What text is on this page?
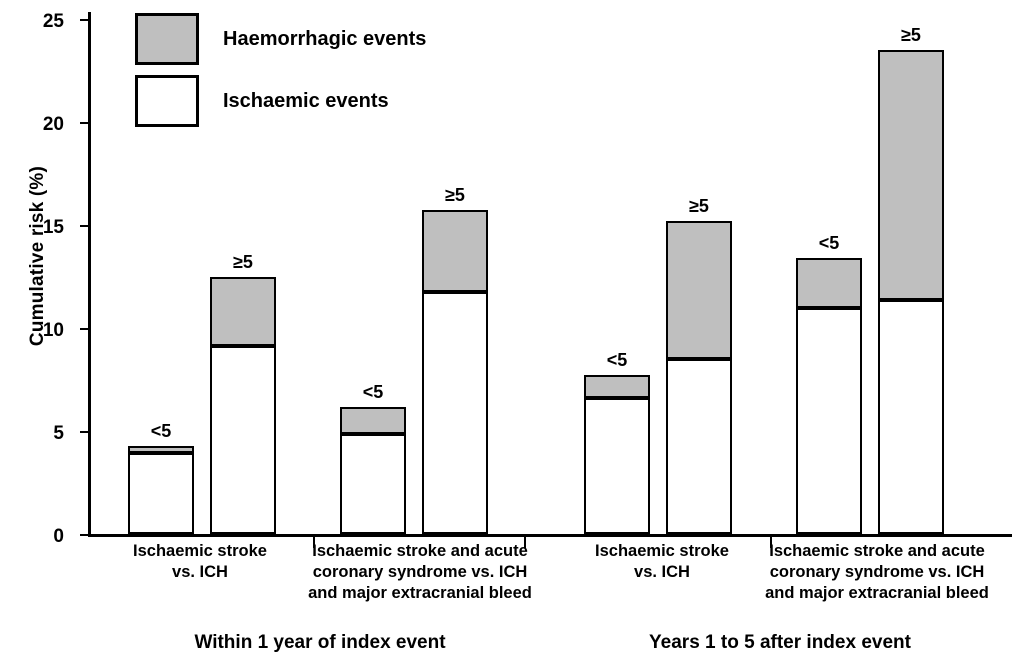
Cumulative risk (%)
0
5
10
15
20
25
Haemorrhagic events
Ischaemic events
<5
≥5
<5
≥5
<5
≥5
<5
≥5
Ischaemic stroke
vs. ICH
Ischaemic stroke and acute
coronary syndrome vs. ICH
and major extracranial bleed
Ischaemic stroke
vs. ICH
Ischaemic stroke and acute
coronary syndrome vs. ICH
and major extracranial bleed
Within 1 year of index event	Years 1 to 5 after index event
